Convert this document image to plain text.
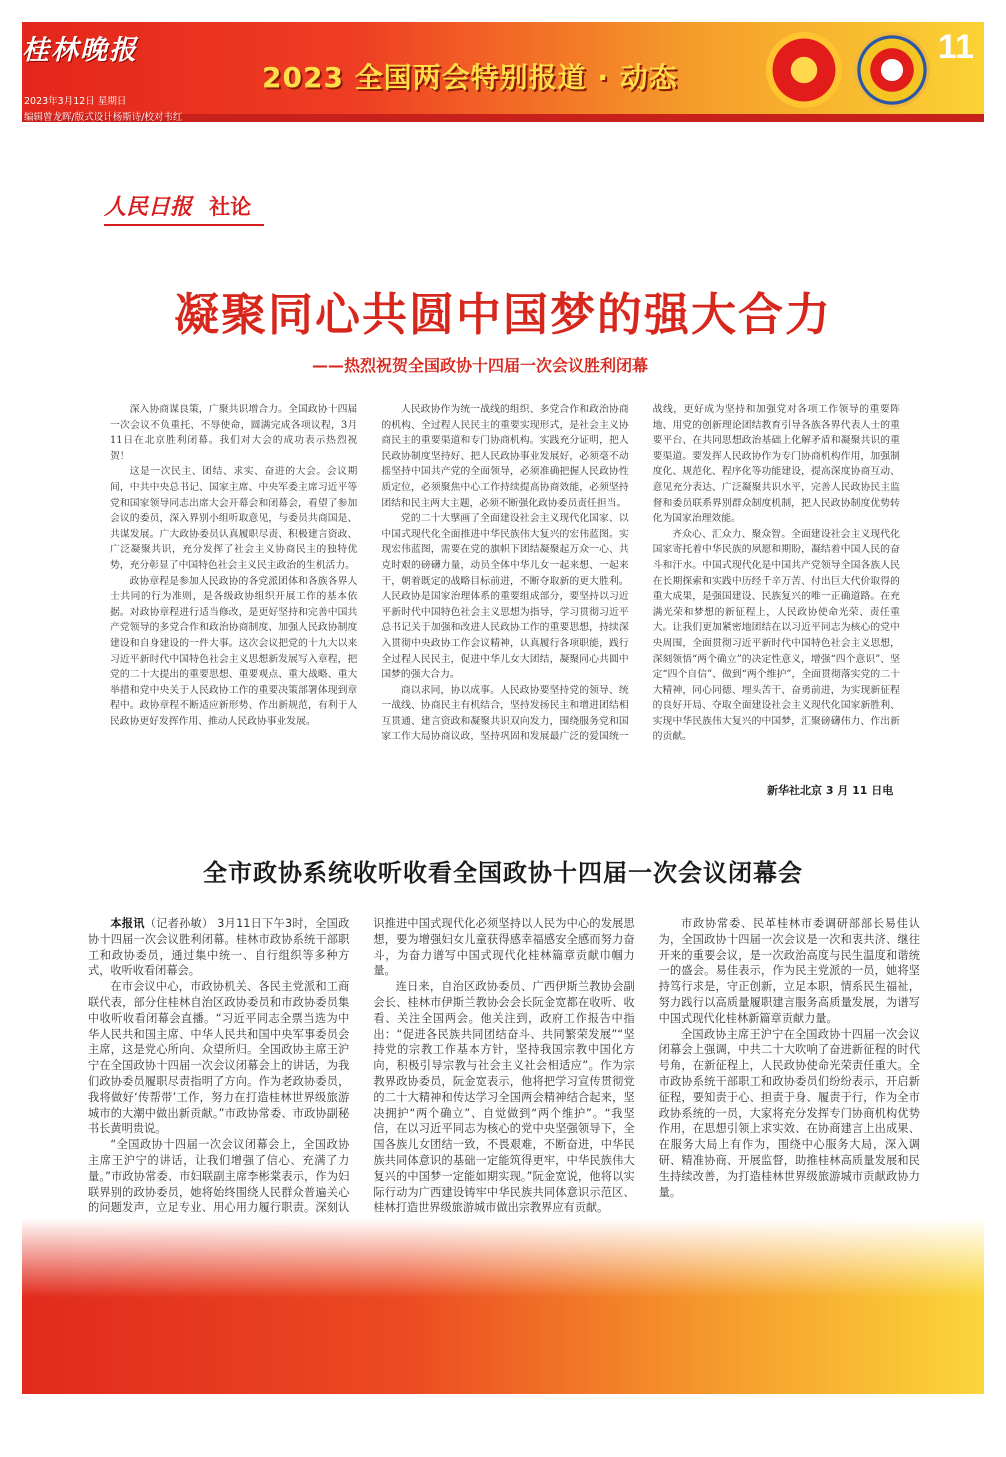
桂林晚报
2023 全国两会特别报道 · 动态
2023年3月12日 星期日
11
编辑曾龙晖/版式设计杨斯诗/校对韦红
人民日报 社论
凝聚同心共圆中国梦的强大合力
——热烈祝贺全国政协十四届一次会议胜利闭幕

深入协商谋良策，广聚共识增合力。全国政协十四届一次会议不负重托、不辱使命，圆满完成各项议程，3月11日在北京胜利闭幕。我们对大会的成功表示热烈祝贺！

这是一次民主、团结、求实、奋进的大会。会议期间，中共中央总书记、国家主席、中央军委主席习近平等党和国家领导同志出席大会开幕会和闭幕会，看望了参加会议的委员，深入界别小组听取意见，与委员共商国是、共谋发展。广大政协委员认真履职尽责、积极建言资政、广泛凝聚共识，充分发挥了社会主义协商民主的独特优势，充分彰显了中国特色社会主义民主政治的生机活力。

政协章程是参加人民政协的各党派团体和各族各界人士共同的行为准则，是各级政协组织开展工作的基本依据。对政协章程进行适当修改，是更好坚持和完善中国共产党领导的多党合作和政治协商制度、加强人民政协制度建设和自身建设的一件大事。这次会议把党的十九大以来习近平新时代中国特色社会主义思想新发展写入章程，把党的二十大提出的重要思想、重要观点、重大战略、重大举措和党中央关于人民政协工作的重要决策部署体现到章程中。政协章程不断适应新形势、作出新规范，有利于人民政协更好发挥作用、推动人民政协事业发展。

人民政协作为统一战线的组织、多党合作和政治协商的机构、全过程人民民主的重要实现形式，是社会主义协商民主的重要渠道和专门协商机构。实践充分证明，把人民政协制度坚持好、把人民政协事业发展好，必须毫不动摇坚持中国共产党的全面领导，必须准确把握人民政协性质定位，必须聚焦中心工作持续提高协商效能，必须坚持团结和民主两大主题，必须不断强化政协委员责任担当。

党的二十大擘画了全面建设社会主义现代化国家、以中国式现代化全面推进中华民族伟大复兴的宏伟蓝图。实现宏伟蓝图，需要在党的旗帜下团结凝聚起万众一心、共克时艰的磅礴力量，动员全体中华儿女一起来想、一起来干，朝着既定的战略目标前进，不断夺取新的更大胜利。人民政协是国家治理体系的重要组成部分，要坚持以习近平新时代中国特色社会主义思想为指导，学习贯彻习近平总书记关于加强和改进人民政协工作的重要思想，持续深入贯彻中央政协工作会议精神，认真履行各项职能，践行全过程人民民主，促进中华儿女大团结，凝聚同心共圆中国梦的强大合力。

商以求同，协以成事。人民政协要坚持党的领导、统一战线、协商民主有机结合，坚持发扬民主和增进团结相互贯通、建言资政和凝聚共识双向发力，围绕服务党和国家工作大局协商议政，坚持巩固和发展最广泛的爱国统一战线，更好成为坚持和加强党对各项工作领导的重要阵地、用党的创新理论团结教育引导各族各界代表人士的重要平台、在共同思想政治基础上化解矛盾和凝聚共识的重要渠道。要发挥人民政协作为专门协商机构作用，加强制度化、规范化、程序化等功能建设，提高深度协商互动、意见充分表达、广泛凝聚共识水平，完善人民政协民主监督和委员联系界别群众制度机制，把人民政协制度优势转化为国家治理效能。

齐众心、汇众力、聚众智。全面建设社会主义现代化国家寄托着中华民族的夙愿和期盼，凝结着中国人民的奋斗和汗水。中国式现代化是中国共产党领导全国各族人民在长期探索和实践中历经千辛万苦、付出巨大代价取得的重大成果，是强国建设、民族复兴的唯一正确道路。在充满光荣和梦想的新征程上，人民政协使命光荣、责任重大。让我们更加紧密地团结在以习近平同志为核心的党中央周围，全面贯彻习近平新时代中国特色社会主义思想，深刻领悟“两个确立”的决定性意义，增强“四个意识”、坚定“四个自信”、做到“两个维护”，全面贯彻落实党的二十大精神，同心同德、埋头苦干、奋勇前进，为实现新征程的良好开局、夺取全面建设社会主义现代化国家新胜利、实现中华民族伟大复兴的中国梦，汇聚磅礴伟力、作出新的贡献。

新华社北京 3 月 11 日电
全市政协系统收听收看全国政协十四届一次会议闭幕会

本报讯（记者孙敏） 3月11日下午3时，全国政协十四届一次会议胜利闭幕。桂林市政协系统干部职工和政协委员，通过集中统一、自行组织等多种方式，收听收看闭幕会。

在市会议中心，市政协机关、各民主党派和工商联代表，部分住桂林自治区政协委员和市政协委员集中收听收看闭幕会直播。“习近平同志全票当选为中华人民共和国主席、中华人民共和国中央军事委员会主席，这是党心所向、众望所归。全国政协主席王沪宁在全国政协十四届一次会议闭幕会上的讲话，为我们政协委员履职尽责指明了方向。作为老政协委员，我将做好‘传帮带’工作，努力在打造桂林世界级旅游城市的大潮中做出新贡献。”市政协常委、市政协副秘书长黄明贵说。

“全国政协十四届一次会议闭幕会上，全国政协主席王沪宁的讲话，让我们增强了信心、充满了力量。”市政协常委、市妇联副主席李彬棠表示，作为妇联界别的政协委员，她将始终围绕人民群众普遍关心的问题发声，立足专业、用心用力履行职责。深刻认识推进中国式现代化必须坚持以人民为中心的发展思想，要为增强妇女儿童获得感幸福感安全感而努力奋斗，为奋力谱写中国式现代化桂林篇章贡献巾帼力量。

连日来，自治区政协委员、广西伊斯兰教协会副会长、桂林市伊斯兰教协会会长阮金宽都在收听、收看、关注全国两会。他关注到，政府工作报告中指出：“促进各民族共同团结奋斗、共同繁荣发展”“坚持党的宗教工作基本方针，坚持我国宗教中国化方向，积极引导宗教与社会主义社会相适应”。作为宗教界政协委员，阮金宽表示，他将把学习宣传贯彻党的二十大精神和传达学习全国两会精神结合起来，坚决拥护“两个确立”、自觉做到“两个维护”。“我坚信，在以习近平同志为核心的党中央坚强领导下，全国各族儿女团结一致，不畏艰难，不断奋进，中华民族共同体意识的基础一定能筑得更牢，中华民族伟大复兴的中国梦一定能如期实现。”阮金宽说，他将以实际行动为广西建设铸牢中华民族共同体意识示范区、桂林打造世界级旅游城市做出宗教界应有贡献。

市政协常委、民革桂林市委调研部部长易佳认为，全国政协十四届一次会议是一次和衷共济、继往开来的重要会议，是一次政治高度与民生温度和谐统一的盛会。易佳表示，作为民主党派的一员，她将坚持笃行求是，守正创新，立足本职，情系民生福祉，努力践行以高质量履职建言服务高质量发展，为谱写中国式现代化桂林新篇章贡献力量。

全国政协主席王沪宁在全国政协十四届一次会议闭幕会上强调，中共二十大吹响了奋进新征程的时代号角，在新征程上，人民政协使命光荣责任重大。全市政协系统干部职工和政协委员们纷纷表示，开启新征程，要知责于心、担责于身、履责于行，作为全市政协系统的一员，大家将充分发挥专门协商机构优势作用，在思想引领上求实效、在协商建言上出成果、在服务大局上有作为，围绕中心服务大局，深入调研、精准协商、开展监督，助推桂林高质量发展和民生持续改善，为打造桂林世界级旅游城市贡献政协力量。
